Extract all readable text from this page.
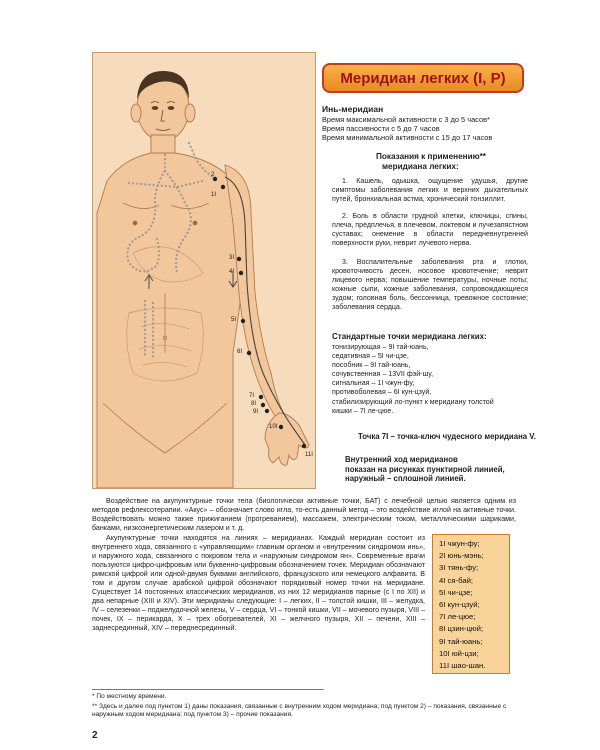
2
1I
3I
4I
5I
6I
7I
8I
9I
10I
11I
Меридиан легких (I, P)
Инь-меридиан
Время максимальной активности с 3 до 5 часов*
Время пассивности с 5 до 7 часов
Время минимальной активности с 15 до 17 часов
Показания к применению**
меридиана легких:

1. Кашель, одышка, ощущение удушья, другие симптомы заболевания легких и верхних дыхательных путей, бронхиальная астма, хронический тонзиллит.

2. Боль в области грудной клетки, ключицы, спины, плеча, предплечья, в плечевом, локтевом и лучезапястном суставах; онемение в области передневнутренней поверхности руки, неврит лучевого нерва.

3. Воспалительные заболевания рта и глотки, кровоточивость десен, носовое кровотечение; неврит лицевого нерва; повышение температуры, ночные поты; кожные сыпи, кожные заболевания, сопровождающиеся зудом; головная боль, бессонница, тревожное состояние; заболевания сердца.

Стандартные точки меридиана легких:
тонизирующая – 9I тай-юань,
седативная – 5I чи-цзе,
пособник – 9I тай-юань,
сочувственная – 13VII фэй-шу,
сигнальная – 1I чжун-фу,
противоболевая – 6I кун-цзуй,
стабилизирующий ло-пункт к меридиану толстой
кишки – 7I ле-цюе.
Точка 7I – точка-ключ чудесного меридиана V.
Внутренний ход меридианов
показан на рисунках пунктирной линией,
наружный – сплошной линией.

Воздействие на акупунктурные точки тела (биологически активные точки, БАТ) с лечебной целью является одним из методов рефлексотерапии. «Акус» – обозначает слово игла, то-есть данный метод – это воздействие иглой на активные точки. Воздействовать можно также прижиганием (прогреванием), массажем, электрическим током, металлическими шариками, банками, низкоэнергетическим лазером и т. д.

Акупунктурные точки находятся на линиях – меридианах. Каждый меридиан состоит из внутреннего хода, связанного с «управляющим» главным органом и «внутренним синдромом инь», и наружного хода, связанного с покровом тела и «наружным синдромом ян». Современные врачи пользуются цифро-цифровым или буквенно-цифровым обозначением точек. Меридиан обозначают римской цифрой или одной-двумя буквами английского, французского или немецкого алфавита. В том и другом случае арабской цифрой обозначают порядковый номер точки на меридиане. Существует 14 постоянных классических меридианов, из них 12 меридианов парные (с I по XII) и два непарные (XIII и XIV). Эти меридианы следующие: I – легких, II – толстой кишки, III – желудка, IV – селезенки – поджелудочной железы, V – сердца, VI – тонкой кишки, VII – мочевого пузыря, VIII – почек, IX – перикарда, X – трех обогревателей, XI – желчного пузыря, XII – печени, XIII – заднесрединный, XIV – переднесрединный.

1I чжун-фу;
2I юнь-мэнь;
3I тянь-фу;
4I ся-бай;
5I чи-цзе;
6I кун-цзуй;
7I ле-цюе;
8I цзин-цюй;
9I тай-юань;
10I юй-цзи;
11I шао-шан.
* По местному времени.
** Здесь и далее под пунктом 1) даны показания, связанные с внутренним ходом меридиана; под пунктом 2) – показания, связанные с наружным ходом меридиана; под пунктом 3) – прочие показания.
2
